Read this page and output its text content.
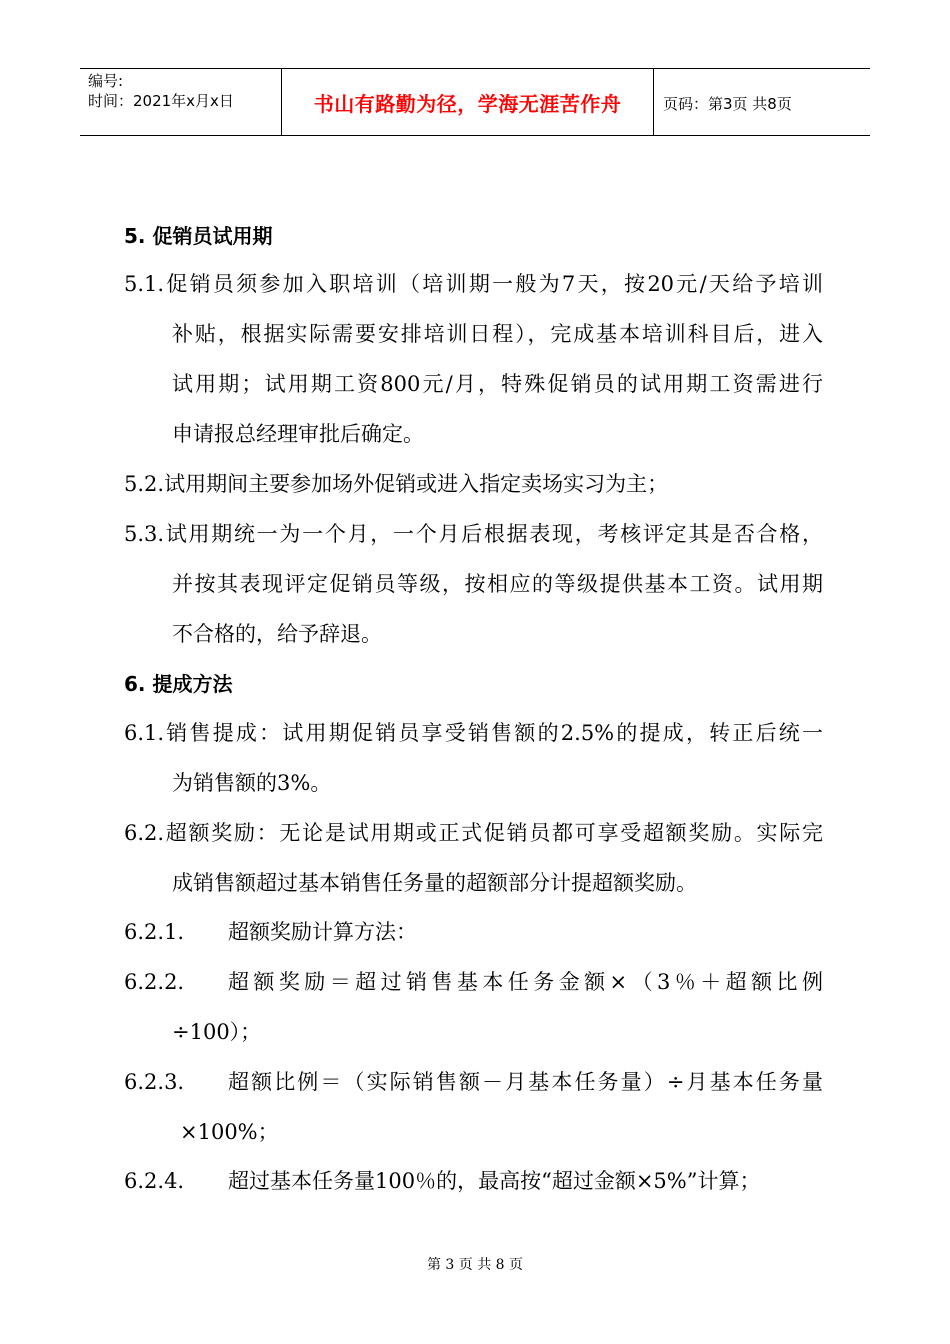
编号:
时间：2021年x月x日	书山有路勤为径，学海无涯苦作舟	页码：第3页 共8页
5. 促销员试用期
5.1.促销员须参加入职培训（培训期一般为7天，按20元/天给予培训
补贴，根据实际需要安排培训日程），完成基本培训科目后，进入
试用期；试用期工资800元/月，特殊促销员的试用期工资需进行
申请报总经理审批后确定。
5.2.试用期间主要参加场外促销或进入指定卖场实习为主；
5.3.试用期统一为一个月，一个月后根据表现，考核评定其是否合格，
并按其表现评定促销员等级，按相应的等级提供基本工资。试用期
不合格的，给予辞退。
6. 提成方法
6.1.销售提成：试用期促销员享受销售额的2.5%的提成，转正后统一
为销售额的3%。
6.2.超额奖励：无论是试用期或正式促销员都可享受超额奖励。实际完
成销售额超过基本销售任务量的超额部分计提超额奖励。
6.2.1. 超额奖励计算方法：
6.2.2. 超额奖励＝超过销售基本任务金额×（3％＋超额比例
÷100）；
6.2.3. 超额比例＝（实际销售额－月基本任务量）÷月基本任务量
×100%；
6.2.4. 超过基本任务量100％的，最高按“超过金额×5%”计算；
第 3 页 共 8 页
